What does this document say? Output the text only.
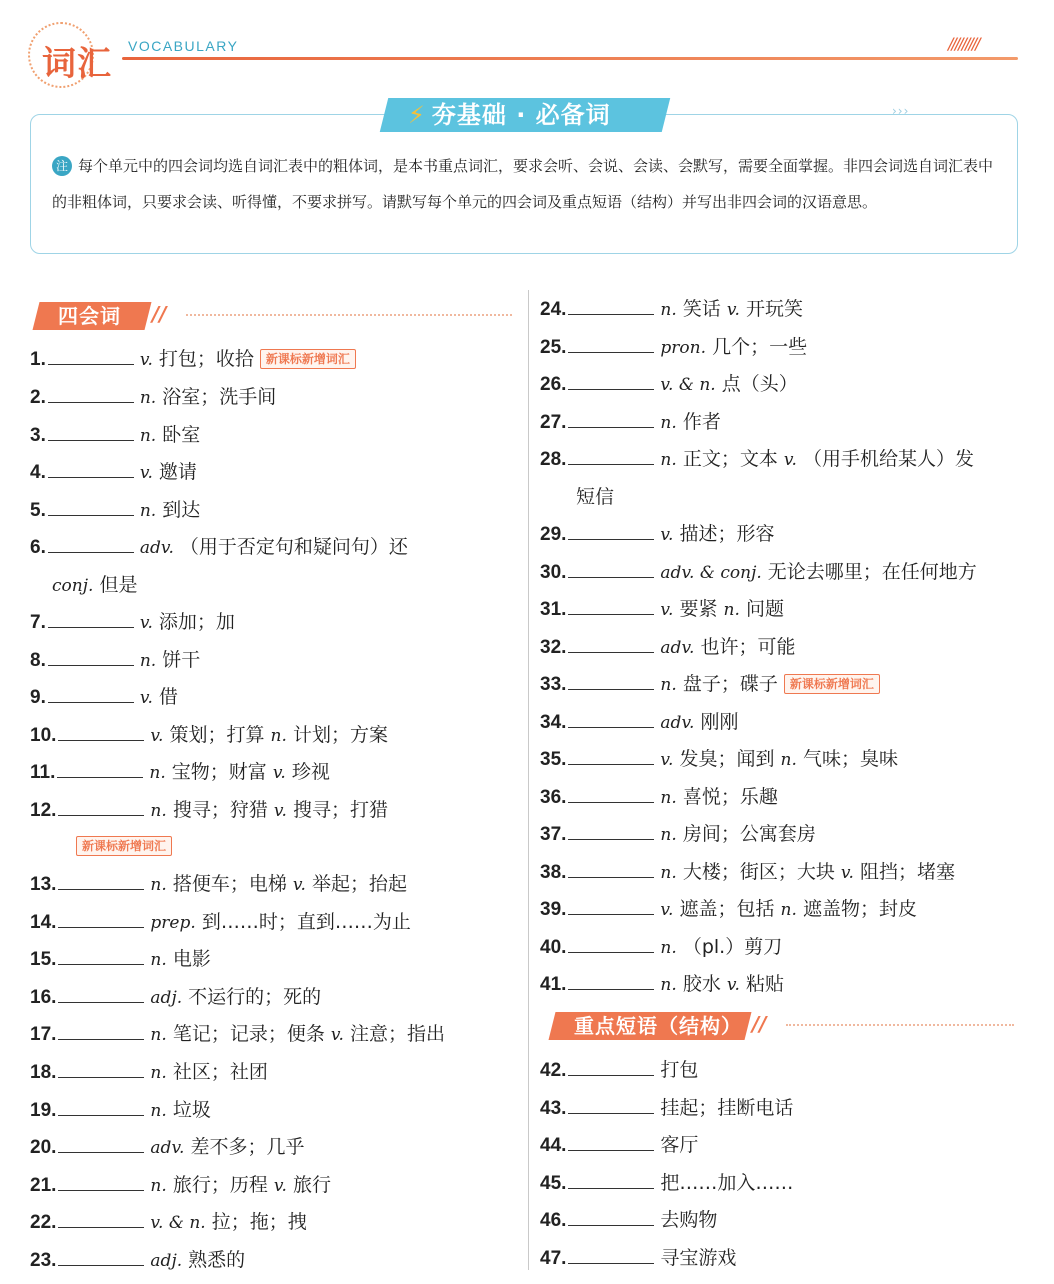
词汇 VOCABULARY	/////////
⚡ 夯基础 · 必备词	›››
注 每个单元中的四会词均选自词汇表中的粗体词，是本书重点词汇，要求会听、会说、会读、会默写，需要全面掌握。非四会词选自词汇表中的非粗体词，只要求会读、听得懂，不要求拼写。请默写每个单元的四会词及重点短语（结构）并写出非四会词的汉语意思。
四会词	//
重点短语（结构） //
1.	v. 打包；收拾 新课标新增词汇
2.	n. 浴室；洗手间
3.	n. 卧室
4.	v. 邀请
5.	n. 到达
6.	adv. （用于否定句和疑问句）还
conj. 但是
7.	v. 添加；加
8.	n. 饼干
9.	v. 借
10.	v. 策划；打算 n. 计划；方案
11.	n. 宝物；财富 v. 珍视
12.	n. 搜寻；狩猎 v. 搜寻；打猎
新课标新增词汇
13.	n. 搭便车；电梯 v. 举起；抬起
14.	prep. 到……时；直到……为止
15.	n. 电影
16.	adj. 不运行的；死的
17.	n. 笔记；记录；便条 v. 注意；指出
18.	n. 社区；社团
19.	n. 垃圾
20.	adv. 差不多；几乎
21.	n. 旅行；历程 v. 旅行
22.	v. & n. 拉；拖；拽
23.	adj. 熟悉的
24.	n. 笑话 v. 开玩笑
25.	pron. 几个；一些
26.	v. & n. 点（头）
27.	n. 作者
28.	n. 正文；文本 v. （用手机给某人）发
短信
29.	v. 描述；形容
30.	adv. & conj. 无论去哪里；在任何地方
31.	v. 要紧 n. 问题
32.	adv. 也许；可能
33.	n. 盘子；碟子 新课标新增词汇
34.	adv. 刚刚
35.	v. 发臭；闻到 n. 气味；臭味
36.	n. 喜悦；乐趣
37.	n. 房间；公寓套房
38.	n. 大楼；街区；大块 v. 阻挡；堵塞
39.	v. 遮盖；包括 n. 遮盖物；封皮
40.	n. （pl.）剪刀
41.	n. 胶水 v. 粘贴
42.	打包
43.	挂起；挂断电话
44.	客厅
45.	把……加入……
46.	去购物
47.	寻宝游戏
